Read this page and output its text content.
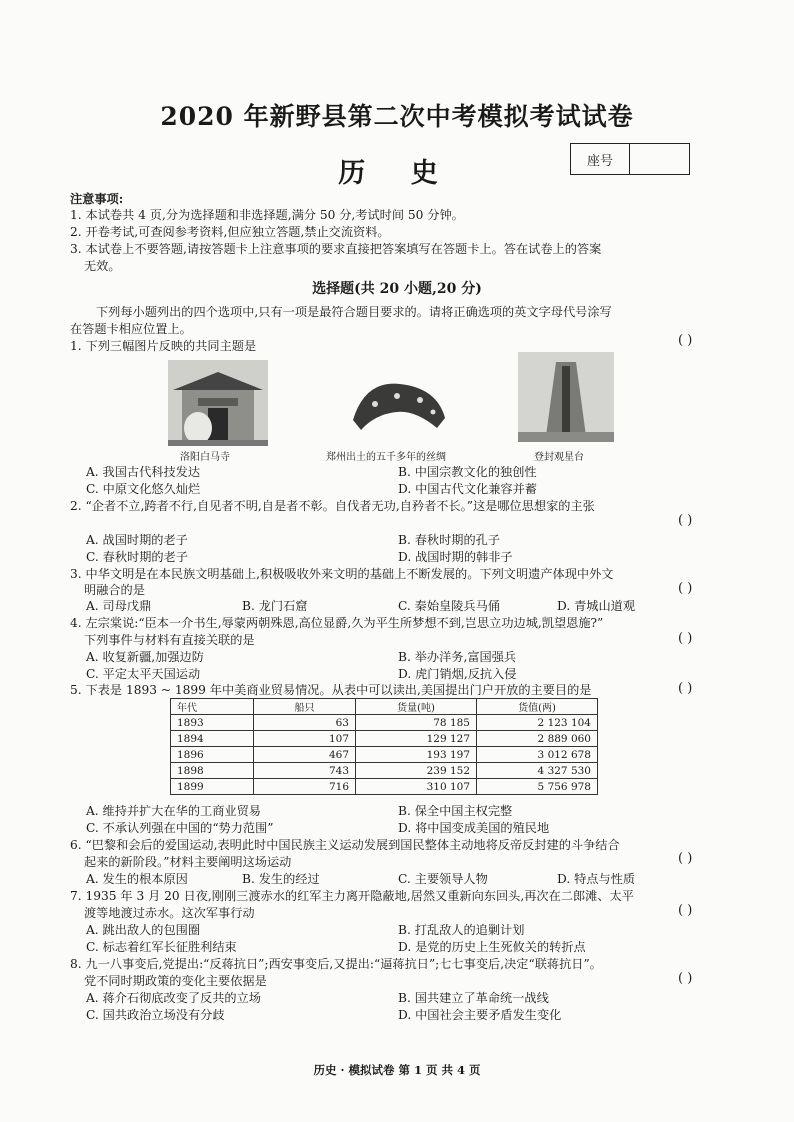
2020 年新野县第二次中考模拟考试试卷
历 史	座号
注意事项:
1. 本试卷共 4 页,分为选择题和非选择题,满分 50 分,考试时间 50 分钟。
2. 开卷考试,可查阅参考资料,但应独立答题,禁止交流资料。
3. 本试卷上不要答题,请按答题卡上注意事项的要求直接把答案填写在答题卡上。答在试卷上的答案
无效。
选择题(共 20 小题,20 分)
下列每小题列出的四个选项中,只有一项是最符合题目要求的。请将正确选项的英文字母代号涂写
在答题卡相应位置上。
1. 下列三幅图片反映的共同主题是	( )
洛阳白马寺	郑州出土的五千多年的丝绸	登封观星台
A. 我国古代科技发达	B. 中国宗教文化的独创性
C. 中原文化悠久灿烂	D. 中国古代文化兼容并蓄
2. “企者不立,跨者不行,自见者不明,自是者不彰。自伐者无功,自矜者不长。”这是哪位思想家的主张
( )
A. 战国时期的老子	B. 春秋时期的孔子
C. 春秋时期的老子	D. 战国时期的韩非子
3. 中华文明是在本民族文明基础上,积极吸收外来文明的基础上不断发展的。下列文明遗产体现中外文
明融合的是	( )
A. 司母戊鼎	B. 龙门石窟	C. 秦始皇陵兵马俑	D. 青城山道观
4. 左宗棠说:“臣本一介书生,辱蒙两朝殊恩,高位显爵,久为平生所梦想不到,岂思立功边城,凯望恩施?”
下列事件与材料有直接关联的是	( )
A. 收复新疆,加强边防	B. 举办洋务,富国强兵
C. 平定太平天国运动	D. 虎门销烟,反抗入侵
5. 下表是 1893 ~ 1899 年中美商业贸易情况。从表中可以读出,美国提出门户开放的主要目的是	( )
年代	船只	货量(吨)	货值(两)
1893	63	78 185	2 123 104
1894	107	129 127	2 889 060
1896	467	193 197	3 012 678
1898	743	239 152	4 327 530
1899	716	310 107	5 756 978
A. 维持并扩大在华的工商业贸易	B. 保全中国主权完整
C. 不承认列强在中国的“势力范围”	D. 将中国变成美国的殖民地
6. “巴黎和会后的爱国运动,表明此时中国民族主义运动发展到国民整体主动地将反帝反封建的斗争结合
起来的新阶段。”材料主要阐明这场运动	( )
A. 发生的根本原因	B. 发生的经过	C. 主要领导人物	D. 特点与性质
7. 1935 年 3 月 20 日夜,刚刚三渡赤水的红军主力离开隐蔽地,居然又重新向东回头,再次在二郎滩、太平
渡等地渡过赤水。这次军事行动	( )
A. 跳出敌人的包围圈	B. 打乱敌人的追剿计划
C. 标志着红军长征胜利结束	D. 是党的历史上生死攸关的转折点
8. 九一八事变后,党提出:“反蒋抗日”;西安事变后,又提出:“逼蒋抗日”;七七事变后,决定“联蒋抗日”。
党不同时期政策的变化主要依据是	( )
A. 蒋介石彻底改变了反共的立场	B. 国共建立了革命统一战线
C. 国共政治立场没有分歧	D. 中国社会主要矛盾发生变化
历史 · 模拟试卷 第 1 页 共 4 页
